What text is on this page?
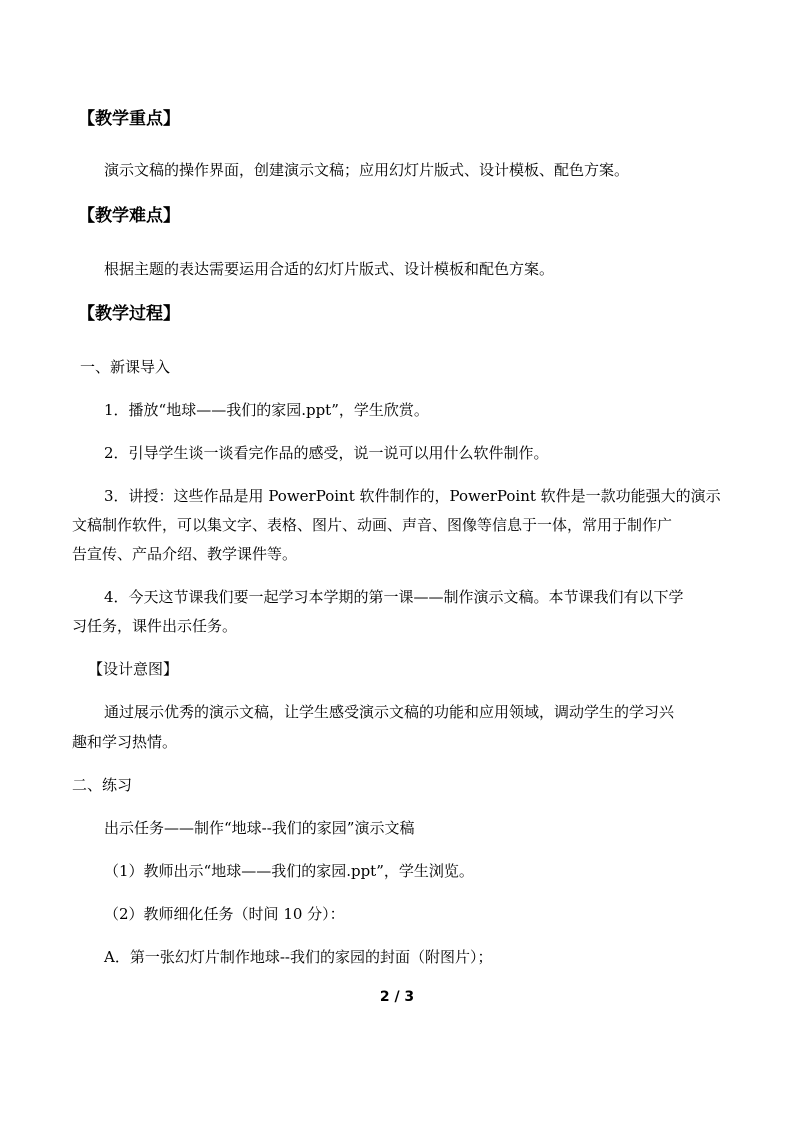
【教学重点】
演示文稿的操作界面，创建演示文稿；应用幻灯片版式、设计模板、配色方案。
【教学难点】
根据主题的表达需要运用合适的幻灯片版式、设计模板和配色方案。
【教学过程】
一、新课导入
1．播放“地球——我们的家园.ppt”，学生欣赏。
2．引导学生谈一谈看完作品的感受，说一说可以用什么软件制作。
3．讲授：这些作品是用 PowerPoint 软件制作的，PowerPoint 软件是一款功能强大的演示
文稿制作软件，可以集文字、表格、图片、动画、声音、图像等信息于一体，常用于制作广
告宣传、产品介绍、教学课件等。
4．今天这节课我们要一起学习本学期的第一课——制作演示文稿。本节课我们有以下学
习任务，课件出示任务。
【设计意图】
通过展示优秀的演示文稿，让学生感受演示文稿的功能和应用领域，调动学生的学习兴
趣和学习热情。
二、练习
出示任务——制作“地球--我们的家园”演示文稿
（1）教师出示“地球——我们的家园.ppt”，学生浏览。
（2）教师细化任务（时间 10 分）：
A．第一张幻灯片制作地球--我们的家园的封面（附图片）；
2 / 3
